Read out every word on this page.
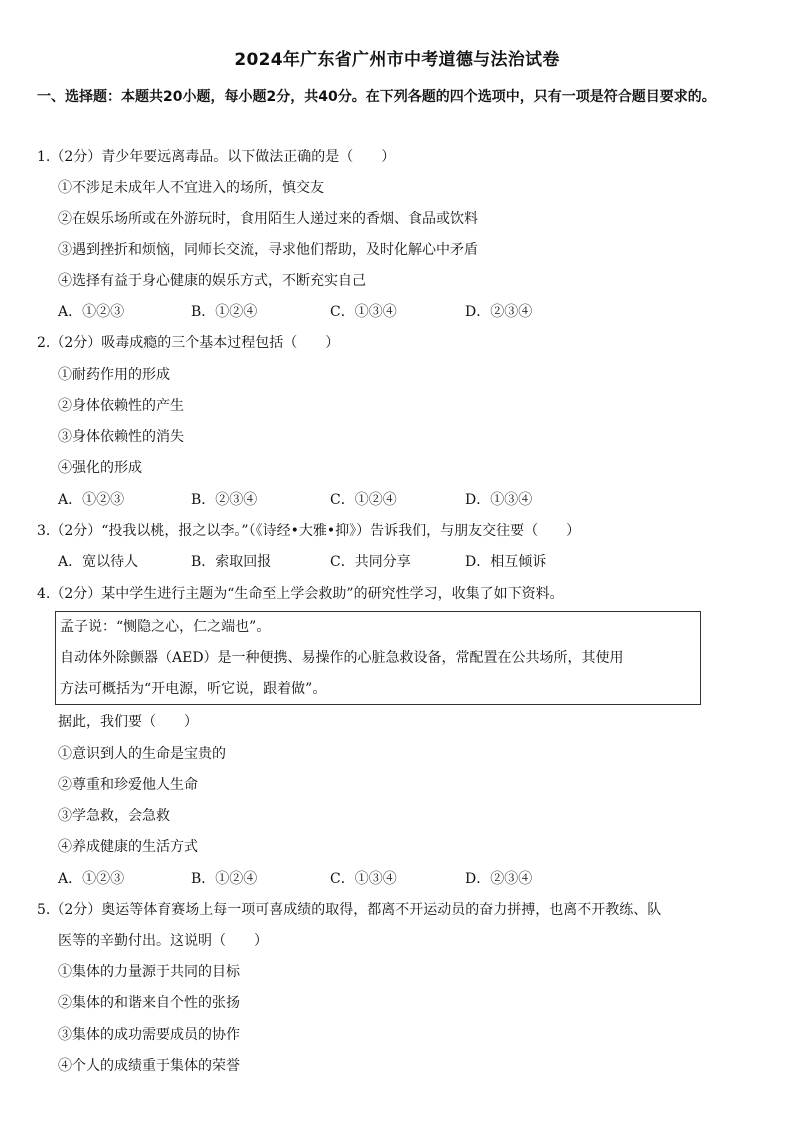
2024年广东省广州市中考道德与法治试卷
一、选择题：本题共20小题，每小题2分，共40分。在下列各题的四个选项中，只有一项是符合题目要求的。
1.（2分）青少年要远离毒品。以下做法正确的是（　　）
①不涉足未成年人不宜进入的场所，慎交友
②在娱乐场所或在外游玩时，食用陌生人递过来的香烟、食品或饮料
③遇到挫折和烦恼，同师长交流，寻求他们帮助，及时化解心中矛盾
④选择有益于身心健康的娱乐方式，不断充实自己
A．①②③	B．①②④	C．①③④	D．②③④
2.（2分）吸毒成瘾的三个基本过程包括（　　）
①耐药作用的形成
②身体依赖性的产生
③身体依赖性的消失
④强化的形成
A．①②③	B．②③④	C．①②④	D．①③④
3.（2分）“投我以桃，报之以李。”（《诗经•大雅•抑》）告诉我们，与朋友交往要（　　）
A．宽以待人	B．索取回报	C．共同分享	D．相互倾诉
4.（2分）某中学生进行主题为“生命至上学会救助”的研究性学习，收集了如下资料。
孟子说：“恻隐之心，仁之端也”。
自动体外除颤器（AED）是一种便携、易操作的心脏急救设备，常配置在公共场所，其使用
方法可概括为“开电源，听它说，跟着做”。
据此，我们要（　　）
①意识到人的生命是宝贵的
②尊重和珍爱他人生命
③学急救，会急救
④养成健康的生活方式
A．①②③	B．①②④	C．①③④	D．②③④
5.（2分）奥运等体育赛场上每一项可喜成绩的取得，都离不开运动员的奋力拼搏，也离不开教练、队
医等的辛勤付出。这说明（　　）
①集体的力量源于共同的目标
②集体的和谐来自个性的张扬
③集体的成功需要成员的协作
④个人的成绩重于集体的荣誉
